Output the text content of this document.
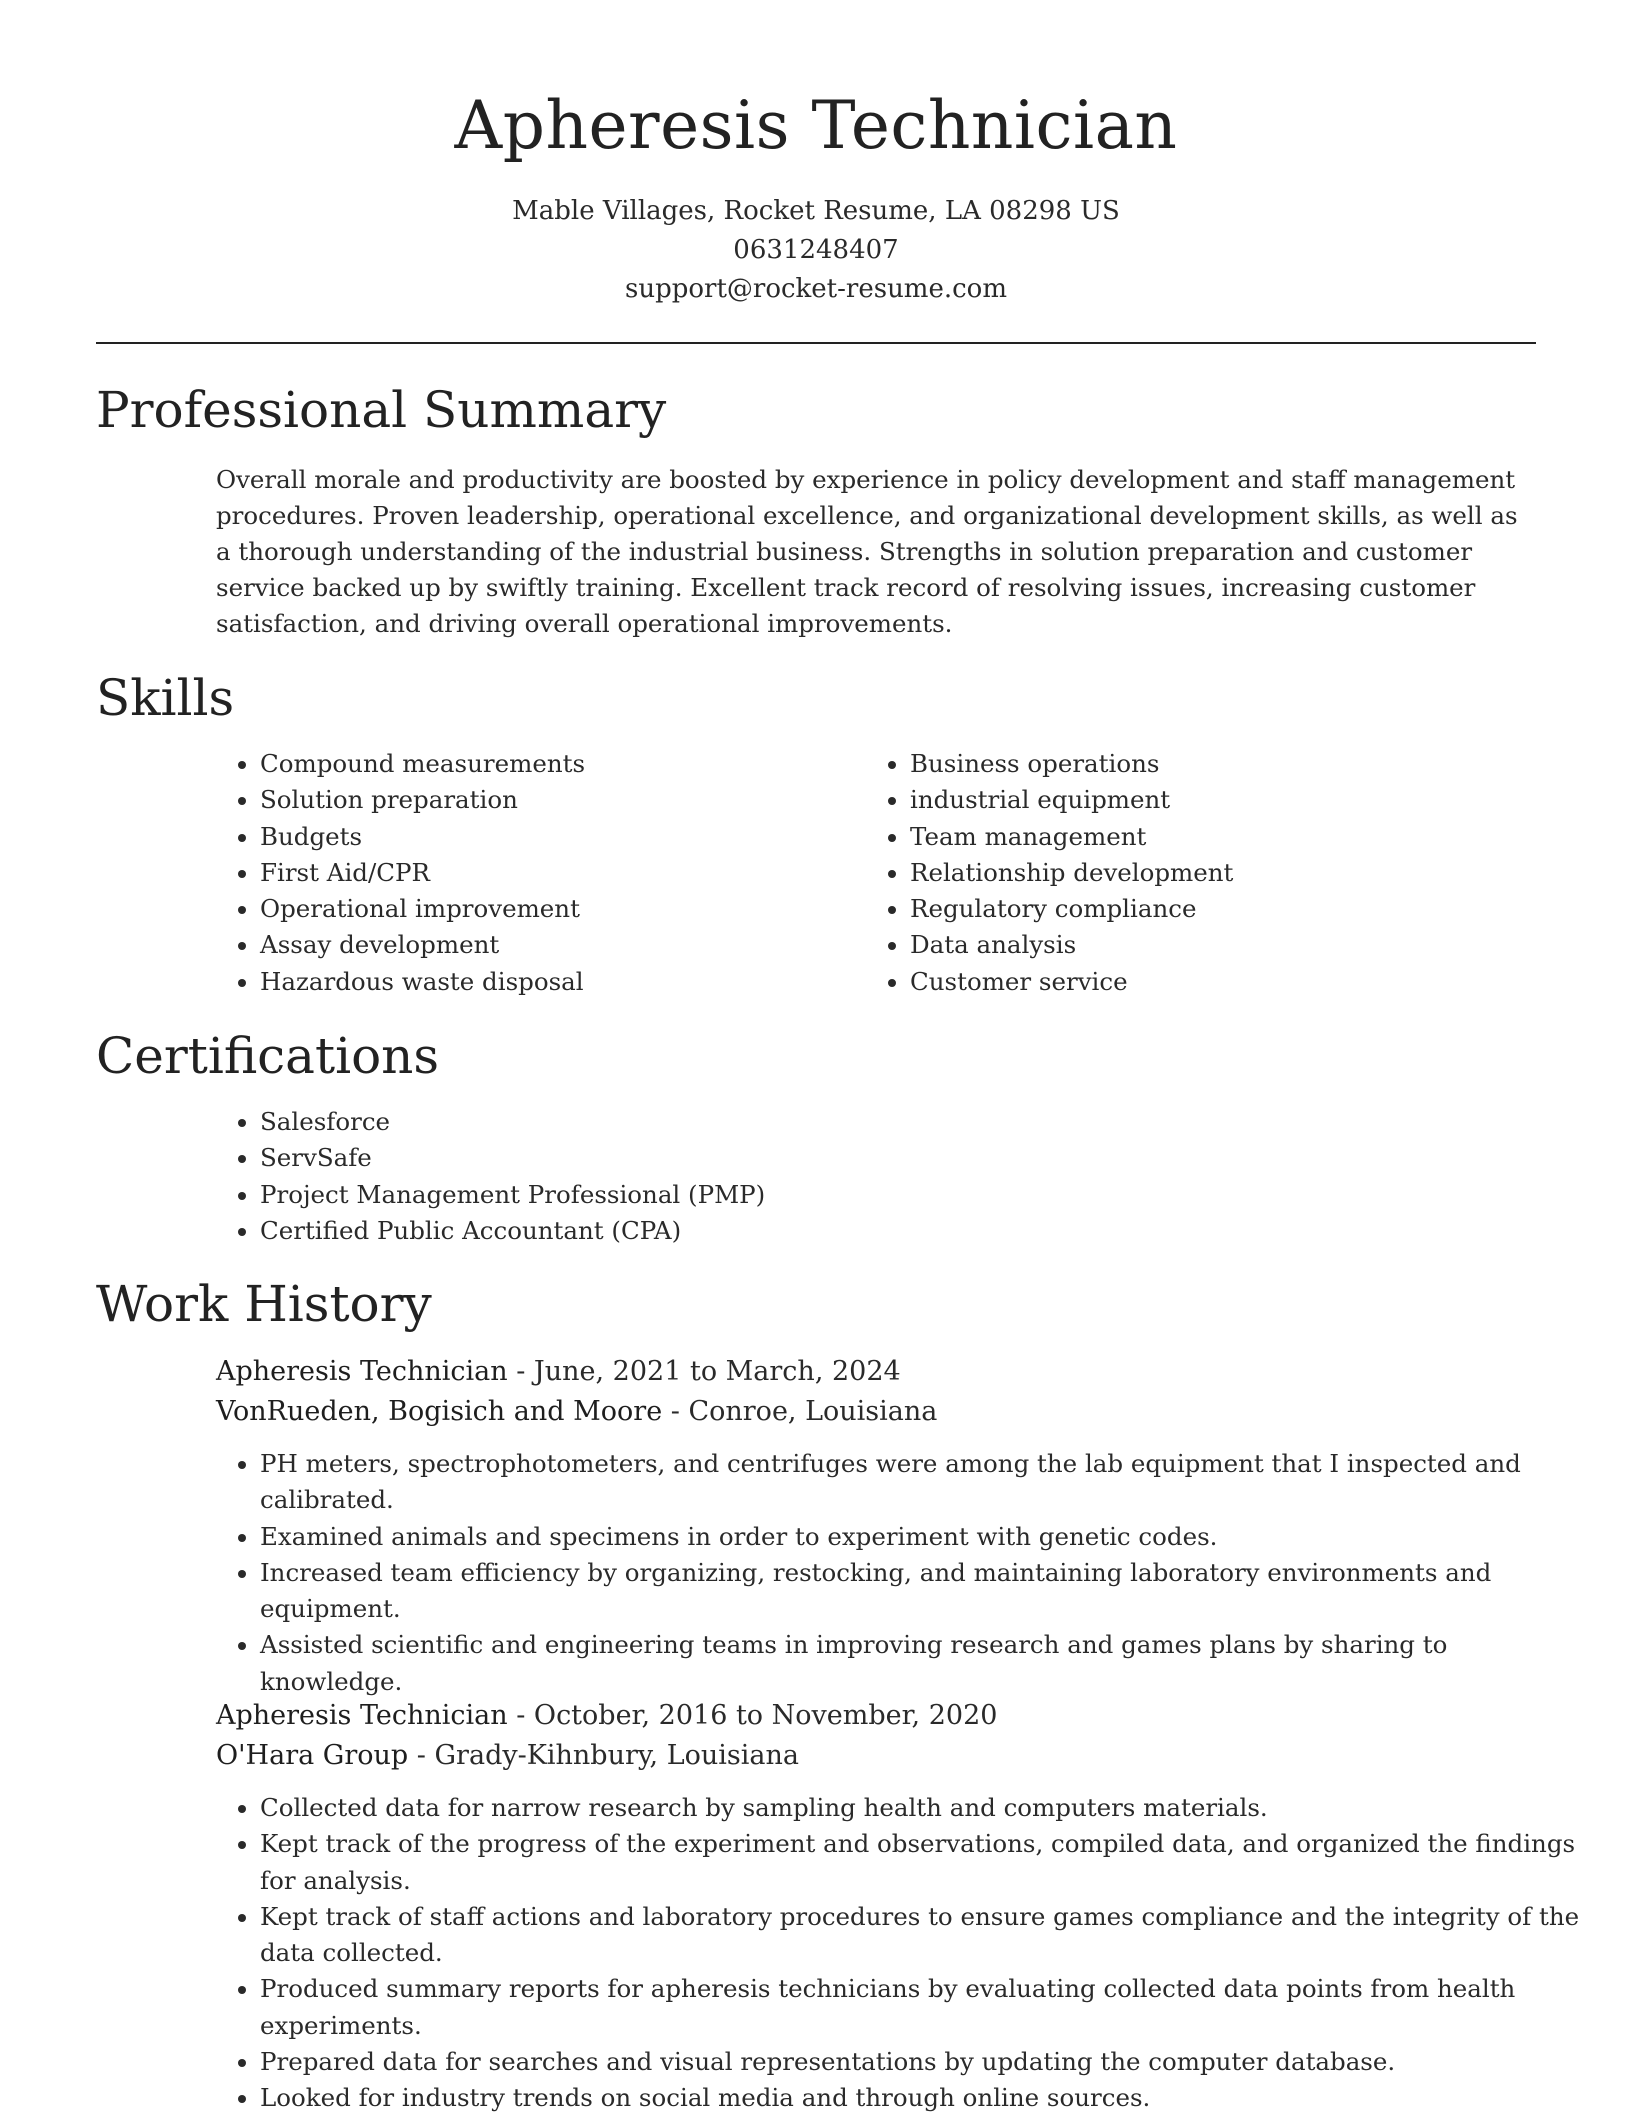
Apheresis Technician
Mable Villages, Rocket Resume, LA 08298 US
0631248407
support@rocket-resume.com
Professional Summary

Overall morale and productivity are boosted by experience in policy development and staff management procedures. Proven leadership, operational excellence, and organizational development skills, as well as a thorough understanding of the industrial business. Strengths in solution preparation and customer service backed up by swiftly training. Excellent track record of resolving issues, increasing customer satisfaction, and driving overall operational improvements.

Skills
• Compound measurements
• Solution preparation
• Budgets
• First Aid/CPR
• Operational improvement
• Assay development
• Hazardous waste disposal
• Business operations
• industrial equipment
• Team management
• Relationship development
• Regulatory compliance
• Data analysis
• Customer service
Certifications
• Salesforce
• ServSafe
• Project Management Professional (PMP)
• Certified Public Accountant (CPA)
Work History
Apheresis Technician - June, 2021 to March, 2024
VonRueden, Bogisich and Moore - Conroe, Louisiana
• PH meters, spectrophotometers, and centrifuges were among the lab equipment that I inspected and calibrated.
• Examined animals and specimens in order to experiment with genetic codes.
• Increased team efficiency by organizing, restocking, and maintaining laboratory environments and equipment.
• Assisted scientific and engineering teams in improving research and games plans by sharing to knowledge.
Apheresis Technician - October, 2016 to November, 2020
O'Hara Group - Grady-Kihnbury, Louisiana
• Collected data for narrow research by sampling health and computers materials.
• Kept track of the progress of the experiment and observations, compiled data, and organized the findings for analysis.
• Kept track of staff actions and laboratory procedures to ensure games compliance and the integrity of the data collected.
• Produced summary reports for apheresis technicians by evaluating collected data points from health experiments.
• Prepared data for searches and visual representations by updating the computer database.
• Looked for industry trends on social media and through online sources.
